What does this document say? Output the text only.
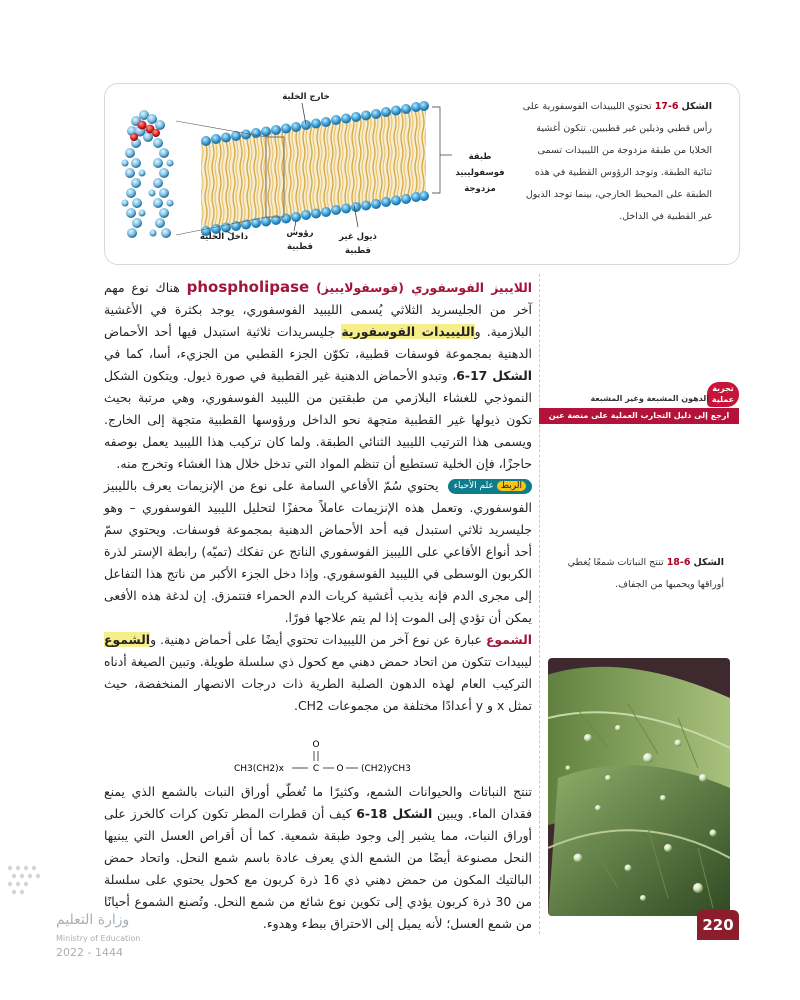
خارج الخلية
داخل الخلية
طبقة
فوسفوليبيد
مزدوجة
رؤوس
قطبية
ذيول غير
قطبية
الشكل 17-6 تحتوي الليبيدات الفوسفورية على رأس قطبي وذيلين غير قطبيين. تتكون أغشية الخلايا من طبقة مزدوجة من الليبيدات تسمى ثنائية الطبقة. وتوجد الرؤوس القطبية في هذه الطبقة على المحيط الخارجي، بينما توجد الذيول غير القطبية في الداخل.

اللايبيز الفوسفوري (فوسفولايبيز) phospholipase هناك نوع مهم آخر من الجليسريد الثلاثي يُسمى الليبيد الفوسفوري، يوجد بكثرة في الأغشية البلازمية. والليبيدات الفوسفورية جليسريدات ثلاثية استبدل فيها أحد الأحماض الدهنية بمجموعة فوسفات قطبية، تكوّن الجزء القطبي من الجزيء، أسا، كما في الشكل 17-6، وتبدو الأحماض الدهنية غير القطبية في صورة ذيول. ويتكون الشكل النموذجي للغشاء البلازمي من طبقتين من الليبيد الفوسفوري، وهي مرتبة بحيث تكون ذيولها غير القطبية متجهة نحو الداخل ورؤوسها القطبية متجهة إلى الخارج. ويسمى هذا الترتيب الليبيد الثنائي الطبقة. ولما كان تركيب هذا الليبيد يعمل بوصفه حاجزًا، فإن الخلية تستطيع أن تنظم المواد التي تدخل خلال هذا الغشاء وتخرج منه.

الربط علم الأحياء يحتوي سُمّ الأفاعي السامة على نوع من الإنزيمات يعرف بالليبيز الفوسفوري. وتعمل هذه الإنزيمات عاملاً محفزًا لتحليل الليبيد الفوسفوري – وهو جليسريد ثلاثي استبدل فيه أحد الأحماض الدهنية بمجموعة فوسفات. ويحتوي سمّ أحد أنواع الأفاعي على الليبيز الفوسفوري الناتج عن تفكك (تميّه) رابطة الإستر لذرة الكربون الوسطى في الليبيد الفوسفوري. وإذا دخل الجزء الأكبر من ناتج هذا التفاعل إلى مجرى الدم فإنه يذيب أغشية كريات الدم الحمراء فتتمزق. إن لدغة هذه الأفعى يمكن أن تؤدي إلى الموت إذا لم يتم علاجها فورًا.

الشموع عبارة عن نوع آخر من الليبيدات تحتوي أيضًا على أحماض دهنية. والشموع ليبيدات تتكون من اتحاد حمض دهني مع كحول ذي سلسلة طويلة. وتبين الصيغة أدناه التركيب العام لهذه الدهون الصلبة الطرية ذات درجات الانصهار المنخفضة، حيث تمثل x و y أعدادًا مختلفة من مجموعات CH2.

تنتج النباتات والحيوانات الشمع، وكثيرًا ما تُغطّي أوراق النبات بالشمع الذي يمنع فقدان الماء. ويبين الشكل 18-6 كيف أن قطرات المطر تكون كرات كالخرز على أوراق النبات، مما يشير إلى وجود طبقة شمعية. كما أن أقراص العسل التي يبنيها النحل مصنوعة أيضًا من الشمع الذي يعرف عادة باسم شمع النحل. واتحاد حمض البالتيك المكون من حمض دهني ذي 16 ذرة كربون مع كحول يحتوي على سلسلة من 30 ذرة كربون يؤدي إلى تكوين نوع شائع من شمع النحل. وتُصنع الشموع أحيانًا من شمع العسل؛ لأنه يميل إلى الاحتراق ببطء وهدوء.

O
CH3(CH2)x	C O (CH2)yCH3
تجربة
عملية
الدهون المشبعة وغير المشبعة
ارجع إلى دليل التجارب العملية على منصة عين الإثرائية
الشكل 18-6 تنتج النباتات شمعًا يُغطي أوراقها ويحميها من الجفاف.
220
وزارة التعليم
Ministry of Education
2022 - 1444
